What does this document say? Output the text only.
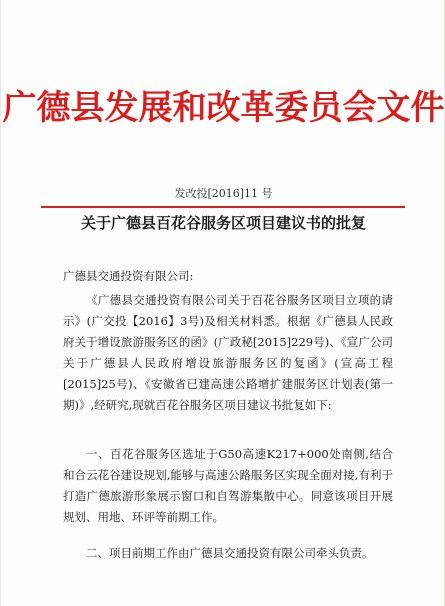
广德县发展和改革委员会文件
发改投[2016]11 号
关于广德县百花谷服务区项目建议书的批复
广德县交通投资有限公司:

《广德县交通投资有限公司关于百花谷服务区项目立项的请示》(广交投【2016】3号)及相关材料悉。根据《广德县人民政府关于增设旅游服务区的函》(广政秘[2015]229号)、《宣广公司关于广德县人民政府增设旅游服务区的复函》(宣高工程[2015]25号)、《安徽省已建高速公路增扩建服务区计划表(第一期)》,经研究,现就百花谷服务区项目建议书批复如下:

一、百花谷服务区选址于G50高速K217+000处南侧,结合和合云花谷建设规划,能够与高速公路服务区实现全面对接,有利于打造广德旅游形象展示窗口和自驾游集散中心。同意该项目开展规划、用地、环评等前期工作。

二、项目前期工作由广德县交通投资有限公司牵头负责。
